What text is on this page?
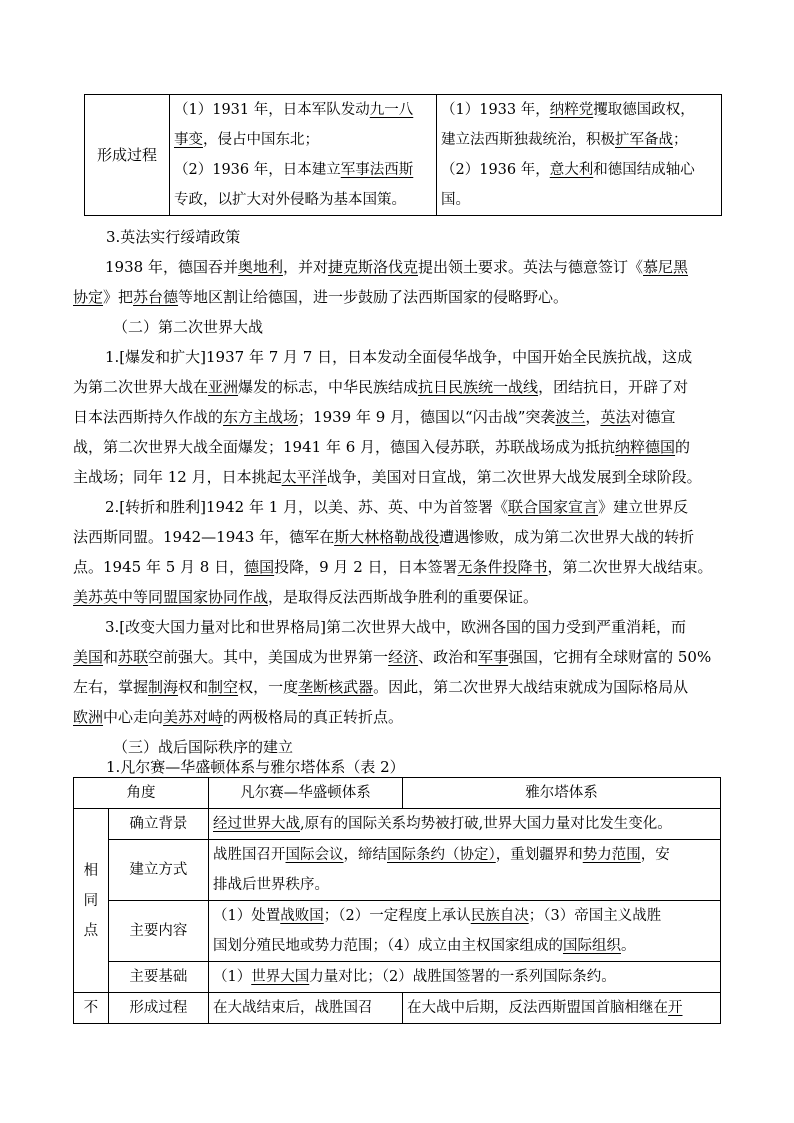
形成过程	（1）1931 年，日本军队发动九一八
事变，侵占中国东北；
（2）1936 年，日本建立军事法西斯
专政，以扩大对外侵略为基本国策。	（1）1933 年，纳粹党攫取德国政权，
建立法西斯独裁统治，积极扩军备战；
（2）1936 年，意大利和德国结成轴心
国。
3.英法实行绥靖政策
1938 年，德国吞并奥地利，并对捷克斯洛伐克提出领土要求。英法与德意签订《慕尼黑
协定》把苏台德等地区割让给德国，进一步鼓励了法西斯国家的侵略野心。
（二）第二次世界大战
1.[爆发和扩大]1937 年 7 月 7 日，日本发动全面侵华战争，中国开始全民族抗战，这成
为第二次世界大战在亚洲爆发的标志，中华民族结成抗日民族统一战线，团结抗日，开辟了对
日本法西斯持久作战的东方主战场；1939 年 9 月，德国以“闪击战”突袭波兰，英法对德宣
战，第二次世界大战全面爆发；1941 年 6 月，德国入侵苏联，苏联战场成为抵抗纳粹德国的
主战场；同年 12 月，日本挑起太平洋战争，美国对日宣战，第二次世界大战发展到全球阶段。
2.[转折和胜利]1942 年 1 月，以美、苏、英、中为首签署《联合国家宣言》建立世界反
法西斯同盟。1942—1943 年，德军在斯大林格勒战役遭遇惨败，成为第二次世界大战的转折
点。1945 年 5 月 8 日，德国投降，9 月 2 日，日本签署无条件投降书，第二次世界大战结束。
美苏英中等同盟国家协同作战，是取得反法西斯战争胜利的重要保证。
3.[改变大国力量对比和世界格局]第二次世界大战中，欧洲各国的国力受到严重消耗，而
美国和苏联空前强大。其中，美国成为世界第一经济、政治和军事强国，它拥有全球财富的 50%
左右，掌握制海权和制空权，一度垄断核武器。因此，第二次世界大战结束就成为国际格局从
欧洲中心走向美苏对峙的两极格局的真正转折点。
（三）战后国际秩序的建立
1.凡尔赛—华盛顿体系与雅尔塔体系（表 2）
角度		凡尔赛—华盛顿体系	雅尔塔体系
相
同
点	确立背景	经过世界大战,原有的国际关系均势被打破,世界大国力量对比发生变化。	
	建立方式	战胜国召开国际会议，缔结国际条约（协定），重划疆界和势力范围，安
排战后世界秩序。	
	主要内容	（1）处置战败国；（2）一定程度上承认民族自决；（3）帝国主义战胜
国划分殖民地或势力范围；（4）成立由主权国家组成的国际组织。	
	主要基础	（1）世界大国力量对比；（2）战胜国签署的一系列国际条约。	
不	形成过程	在大战结束后，战胜国召	在大战中后期，反法西斯盟国首脑相继在开
